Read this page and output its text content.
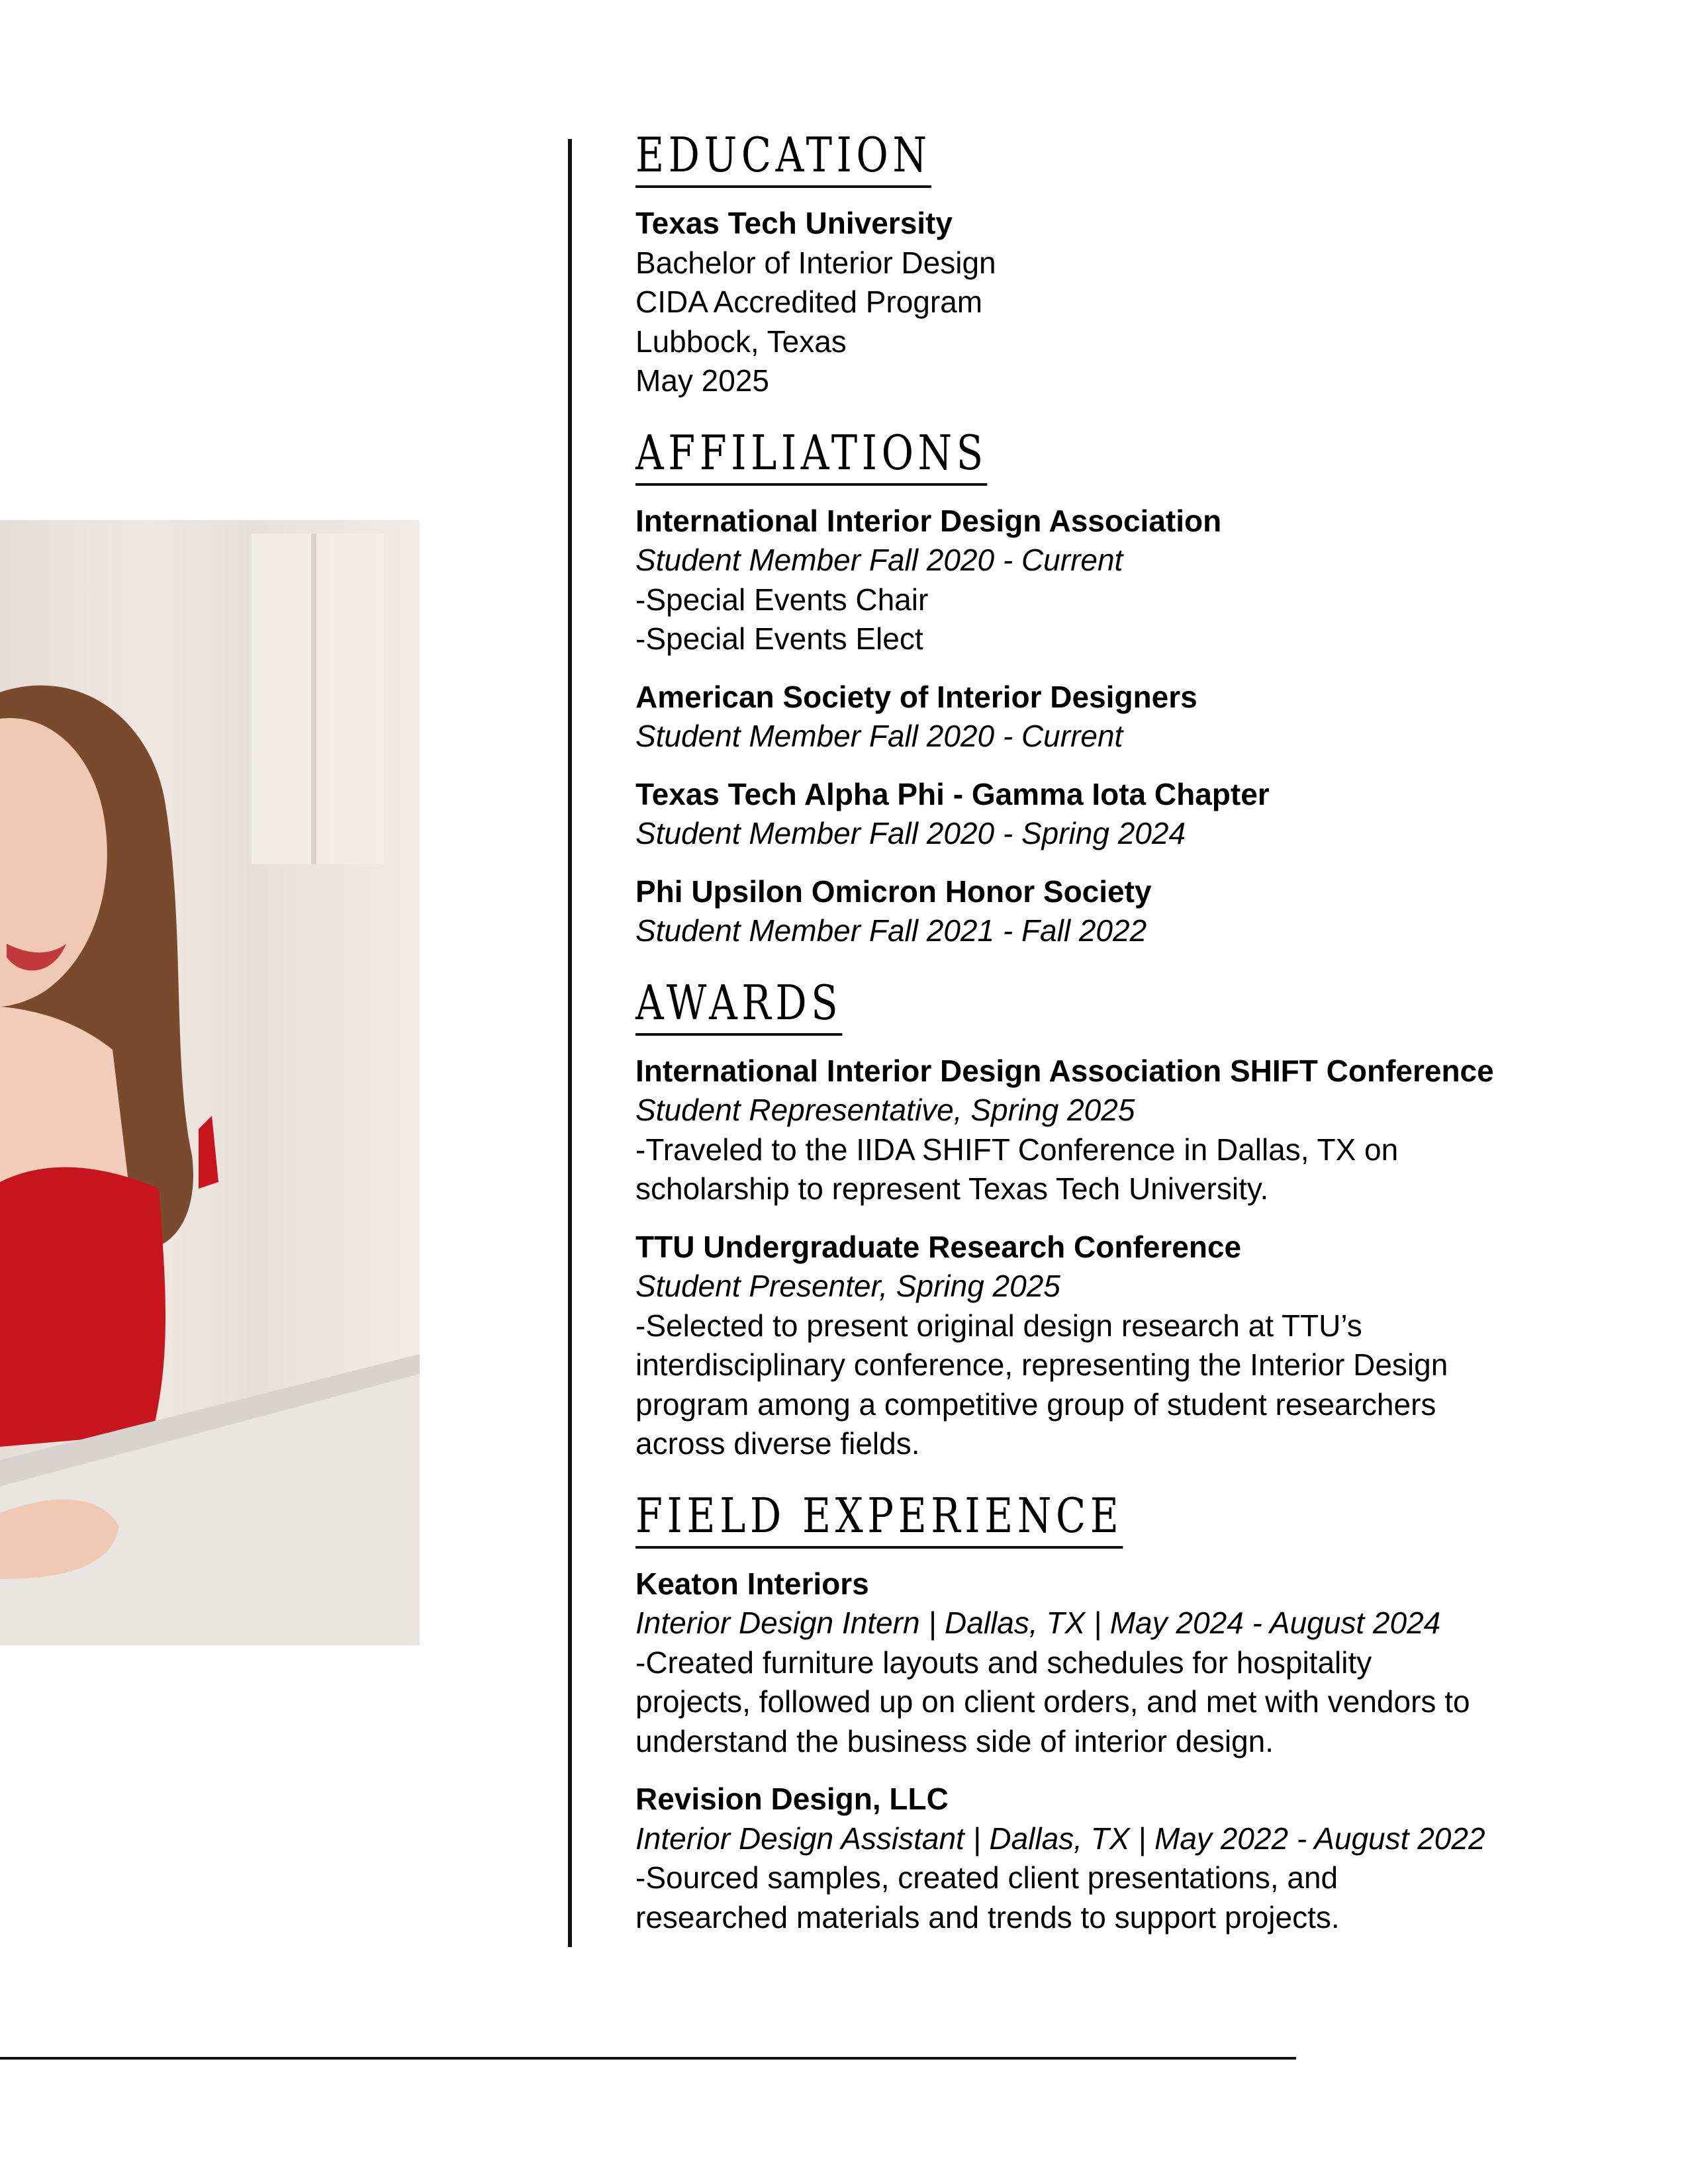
EDUCATION
Texas Tech University
Bachelor of Interior Design
CIDA Accredited Program
Lubbock, Texas
May 2025
AFFILIATIONS
International Interior Design Association
Student Member Fall 2020 - Current
-Special Events Chair
-Special Events Elect
American Society of Interior Designers
Student Member Fall 2020 - Current
Texas Tech Alpha Phi - Gamma Iota Chapter
Student Member Fall 2020 - Spring 2024
Phi Upsilon Omicron Honor Society
Student Member Fall 2021 - Fall 2022
AWARDS
International Interior Design Association SHIFT Conference
Student Representative, Spring 2025
-Traveled to the IIDA SHIFT Conference in Dallas, TX on
scholarship to represent Texas Tech University.
TTU Undergraduate Research Conference
Student Presenter, Spring 2025
-Selected to present original design research at TTU’s
interdisciplinary conference, representing the Interior Design
program among a competitive group of student researchers
across diverse fields.
FIELD EXPERIENCE
Keaton Interiors
Interior Design Intern | Dallas, TX | May 2024 - August 2024
-Created furniture layouts and schedules for hospitality
projects, followed up on client orders, and met with vendors to
understand the business side of interior design.
Revision Design, LLC
Interior Design Assistant | Dallas, TX | May 2022 - August 2022
-Sourced samples, created client presentations, and
researched materials and trends to support projects.
